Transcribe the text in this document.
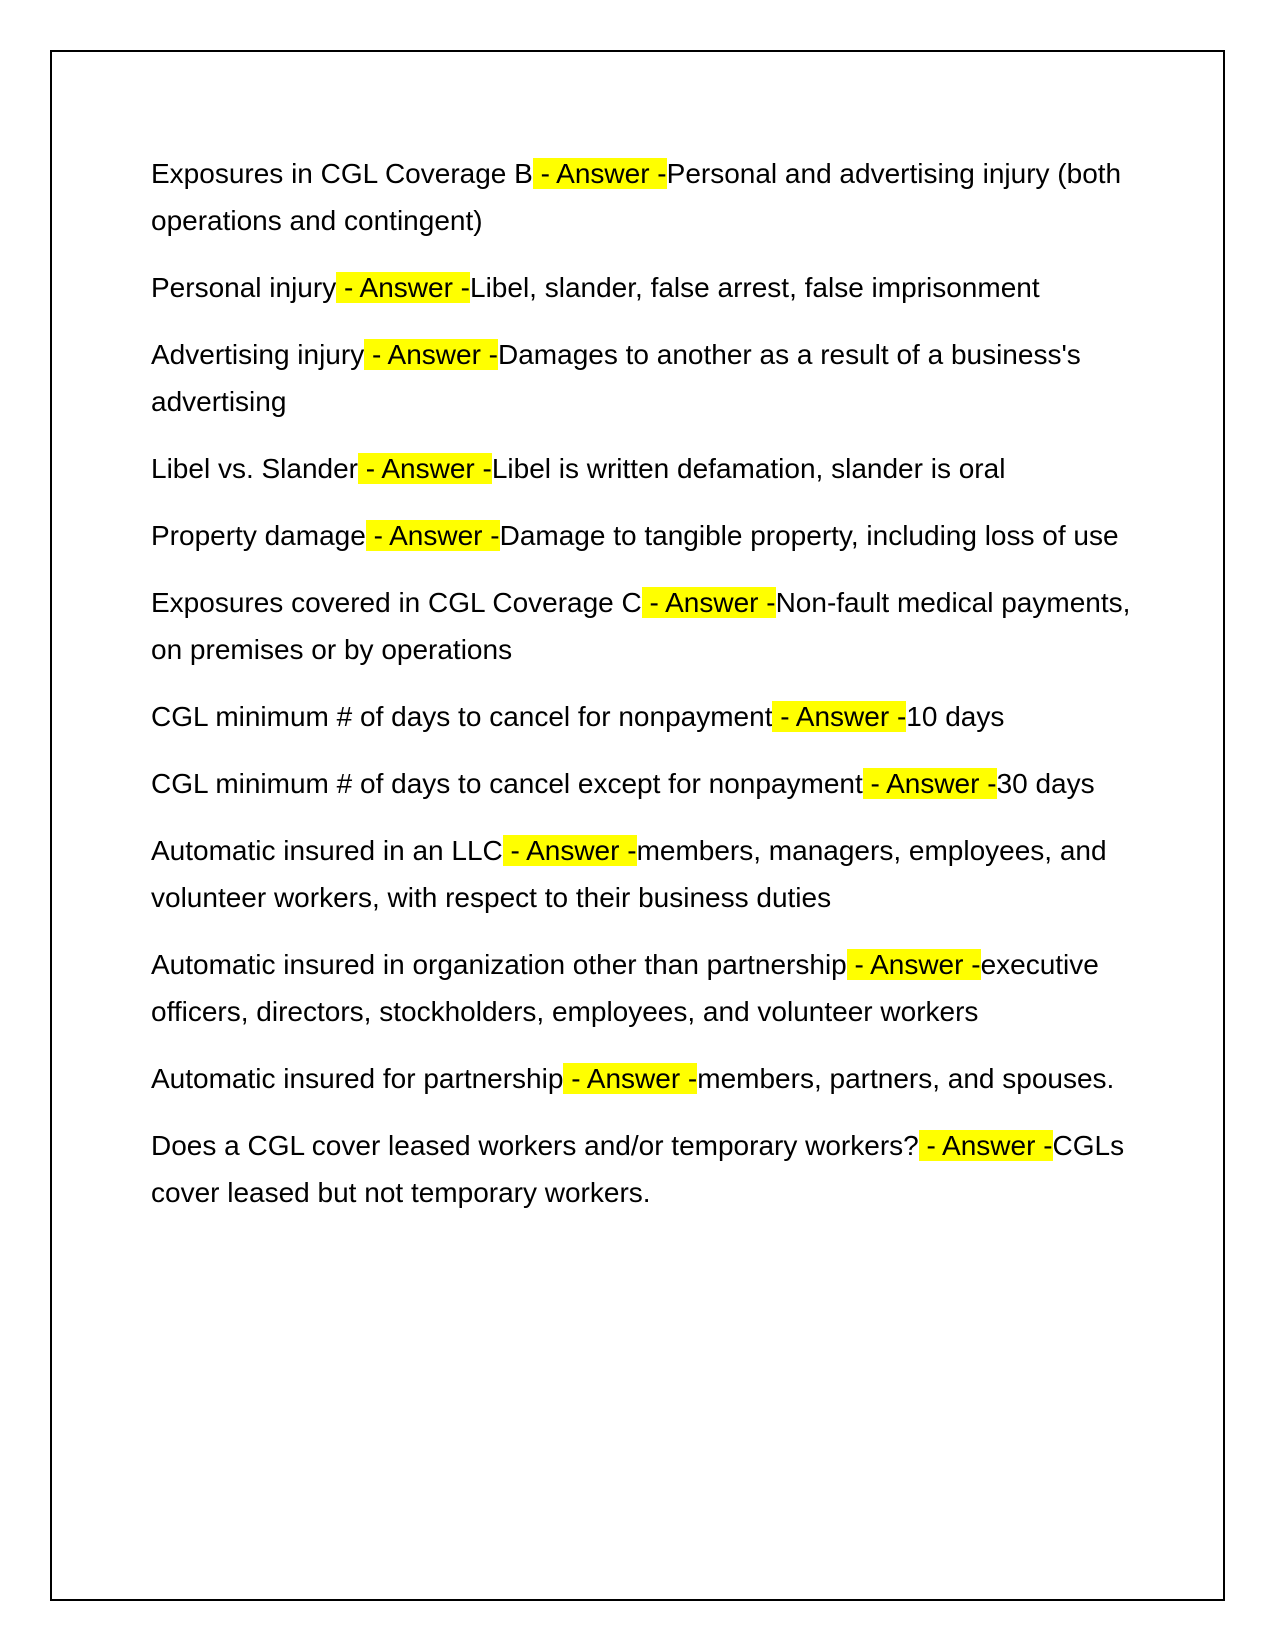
Exposures in CGL Coverage B - Answer -Personal and advertising injury (both operations and contingent)
Personal injury - Answer -Libel, slander, false arrest, false imprisonment
Advertising injury - Answer -Damages to another as a result of a business's advertising
Libel vs. Slander - Answer -Libel is written defamation, slander is oral
Property damage - Answer -Damage to tangible property, including loss of use
Exposures covered in CGL Coverage C - Answer -Non-fault medical payments, on premises or by operations
CGL minimum # of days to cancel for nonpayment - Answer -10 days
CGL minimum # of days to cancel except for nonpayment - Answer -30 days
Automatic insured in an LLC - Answer -members, managers, employees, and volunteer workers, with respect to their business duties
Automatic insured in organization other than partnership - Answer -executive officers, directors, stockholders, employees, and volunteer workers
Automatic insured for partnership - Answer -members, partners, and spouses.
Does a CGL cover leased workers and/or temporary workers? - Answer -CGLs cover leased but not temporary workers.
